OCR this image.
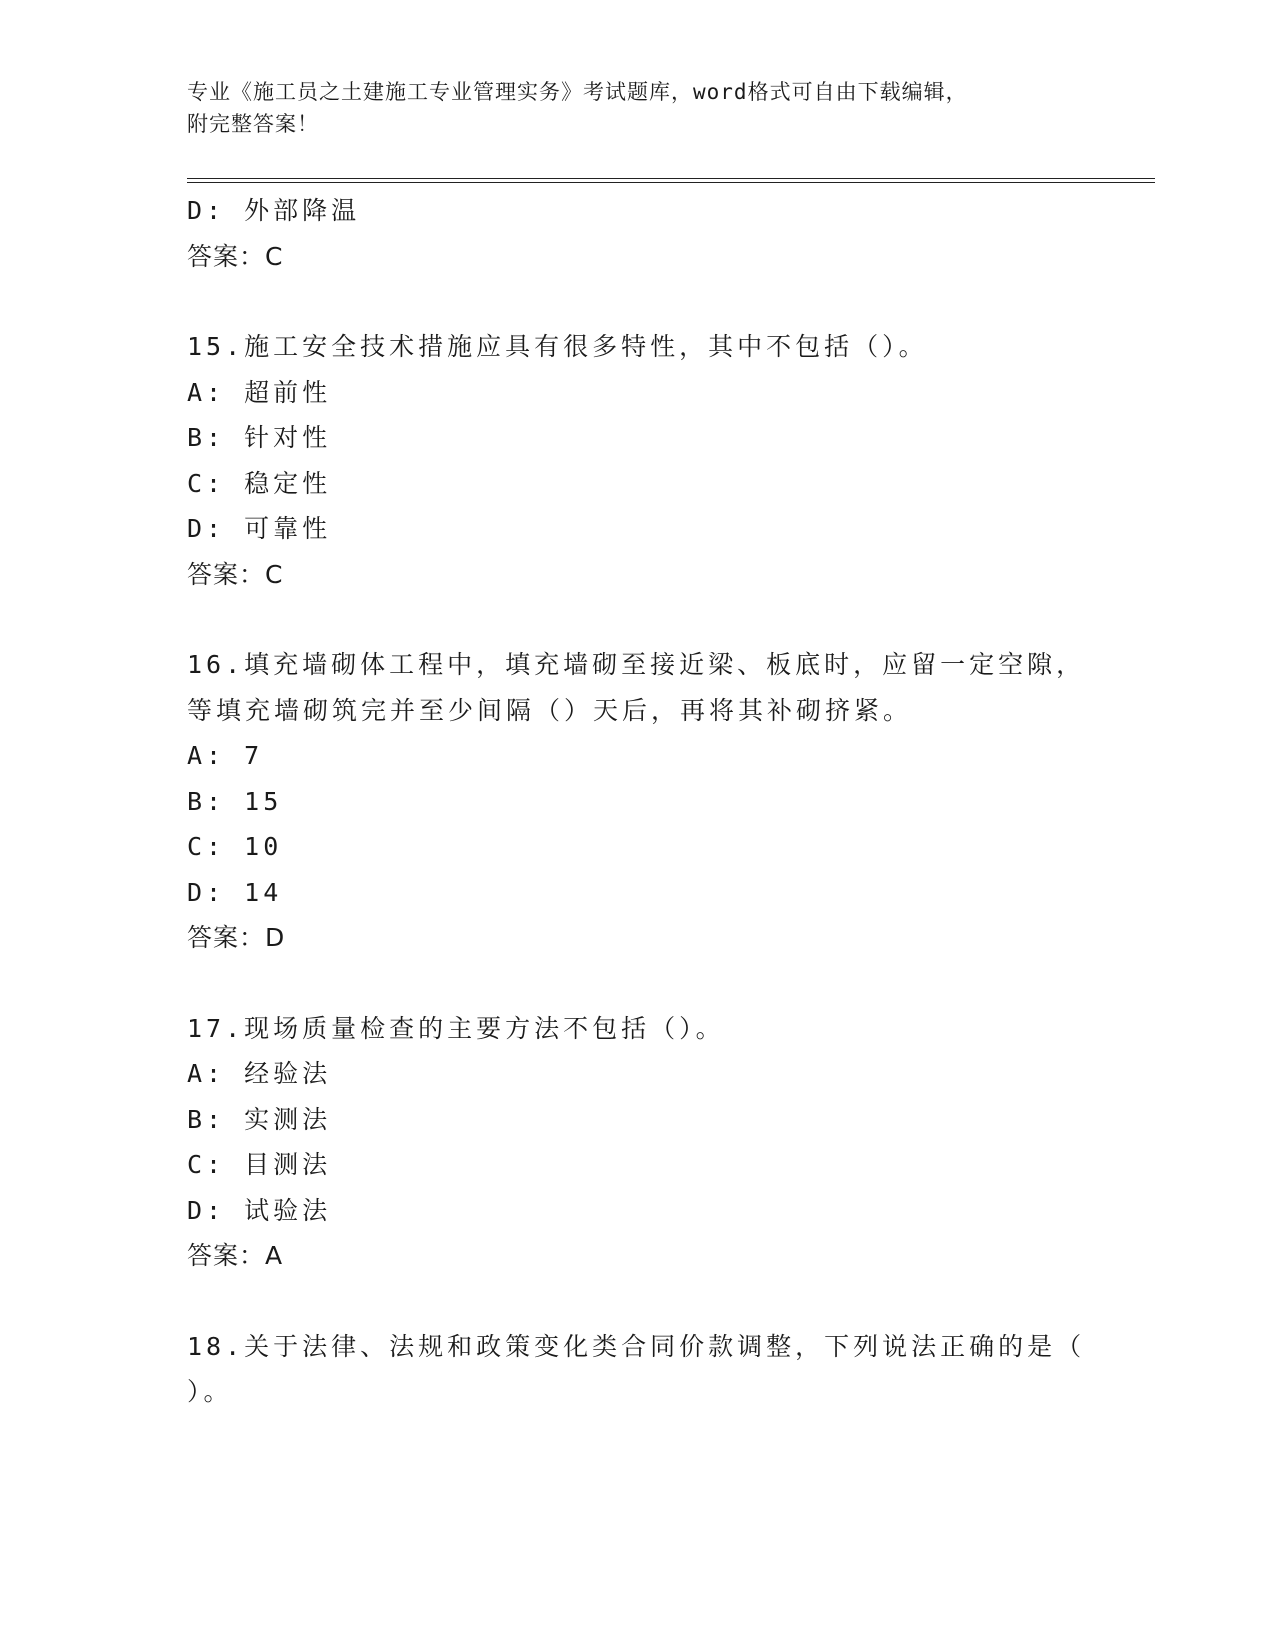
专业《施工员之土建施工专业管理实务》考试题库，word格式可自由下载编辑，
附完整答案！
D: 外部降温
答案：C
15.施工安全技术措施应具有很多特性，其中不包括（）。
A: 超前性
B: 针对性
C: 稳定性
D: 可靠性
答案：C
16.填充墙砌体工程中，填充墙砌至接近梁、板底时，应留一定空隙，
等填充墙砌筑完并至少间隔（）天后，再将其补砌挤紧。
A: 7
B: 15
C: 10
D: 14
答案：D
17.现场质量检查的主要方法不包括（）。
A: 经验法
B: 实测法
C: 目测法
D: 试验法
答案：A
18.关于法律、法规和政策变化类合同价款调整，下列说法正确的是（
）。
